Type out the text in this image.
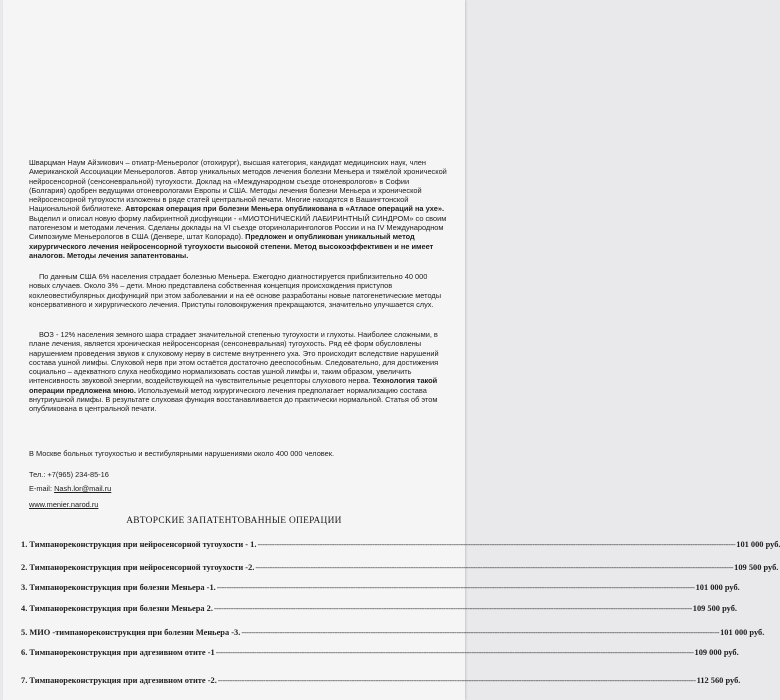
Шварцман Наум Айзикович – отиатр-Меньеролог (отохирург), высшая категория, кандидат медицинских наук, член Американской Ассоциации Меньерологов. Автор уникальных методов лечения болезни Меньера и тяжёлой хронической нейросенсорной (сенсоневральной) тугоухости. Доклад на «Международном съезде отоневрологов» в Софии (Болгария) одобрен ведущими отоневрологами Европы и США. Методы лечения болезни Меньера и хронической нейросенсорной тугоухости изложены в ряде статей центральной печати. Многие находятся в Вашингтонской Национальной библиотеке. Авторская операция при болезни Меньера опубликована в «Атласе операций на ухе». Выделил и описал новую форму лабиринтной дисфункции - «МИОТОНИЧЕСКИЙ ЛАБИРИНТНЫЙ СИНДРОМ» со своим патогенезом и методами лечения. Сделаны доклады на VI съезде оториноларингологов России и на IV Международном Симпозиуме Меньерологов в США (Денвере, штат Колорадо). Предложен и опубликован уникальный метод хирургического лечения нейросенсорной тугоухости высокой степени. Метод высокоэффективен и не имеет аналогов. Методы лечения запатентованы.
По данным США 6% населения страдает болезнью Меньера. Ежегодно диагностируется приблизительно 40 000 новых случаев. Около 3% – дети. Мною представлена собственная концепция происхождения приступов кохлеовестибулярных дисфункций при этом заболевании и на её основе разработаны новые патогенетические методы консервативного и хирургического лечения. Приступы головокружения прекращаются, значительно улучшается слух.
ВОЗ - 12% населения земного шара страдает значительной степенью тугоухости и глухоты. Наиболее сложными, в плане лечения, является хроническая нейросенсорная (сенсоневральная) тугоухость. Ряд её форм обусловлены нарушением проведения звуков к слуховому нерву в системе внутреннего уха. Это происходит вследствие нарушений состава ушной лимфы. Слуховой нерв при этом остаётся достаточно дееспособным. Следовательно, для достижения социально – адекватного слуха необходимо нормализовать состав ушной лимфы и, таким образом, увеличить интенсивность звуковой энергии, воздействующей на чувствительные рецепторы слухового нерва. Технология такой операции предложена мною. Используемый метод хирургического лечения предполагает нормализацию состава внутриушной лимфы. В результате слуховая функция восстанавливается до практически нормальной. Статья об этом опубликована в центральной печати.
В Москве больных тугоухостью и вестибулярными нарушениями около 400 000 человек.
Тел.: +7(965) 234-85-16
E-mail: Nash.lor@mail.ru
www.menier.narod.ru
АВТОРСКИЕ ЗАПАТЕНТОВАННЫЕ ОПЕРАЦИИ
1. Тимпанореконструкция при нейросенсорной тугоухости - 1. -------------------------------------------------------------------------------------------------------------------------------------------------------------------------------------------------------- 101 000 руб.
2. Тимпанореконструкция при нейросенсорной тугоухости -2. -------------------------------------------------------------------------------------------------------------------------------------------------------------------------------------------------------- 109 500 руб.
3. Тимпанореконструкция при болезни Меньера -1. -------------------------------------------------------------------------------------------------------------------------------------------------------------------------------------------------------- 101 000 руб.
4. Тимпанореконструкция при болезни Меньера 2. -------------------------------------------------------------------------------------------------------------------------------------------------------------------------------------------------------- 109 500 руб.
5. МИО -тимпанореконструкция при болезни Меньера -3. -------------------------------------------------------------------------------------------------------------------------------------------------------------------------------------------------------- 101 000 руб.
6. Тимпанореконструкция при адгезивном отите -1 -------------------------------------------------------------------------------------------------------------------------------------------------------------------------------------------------------- 109 000 руб.
7. Тимпанореконструкция при адгезивном отите -2. -------------------------------------------------------------------------------------------------------------------------------------------------------------------------------------------------------- 112 560 руб.
